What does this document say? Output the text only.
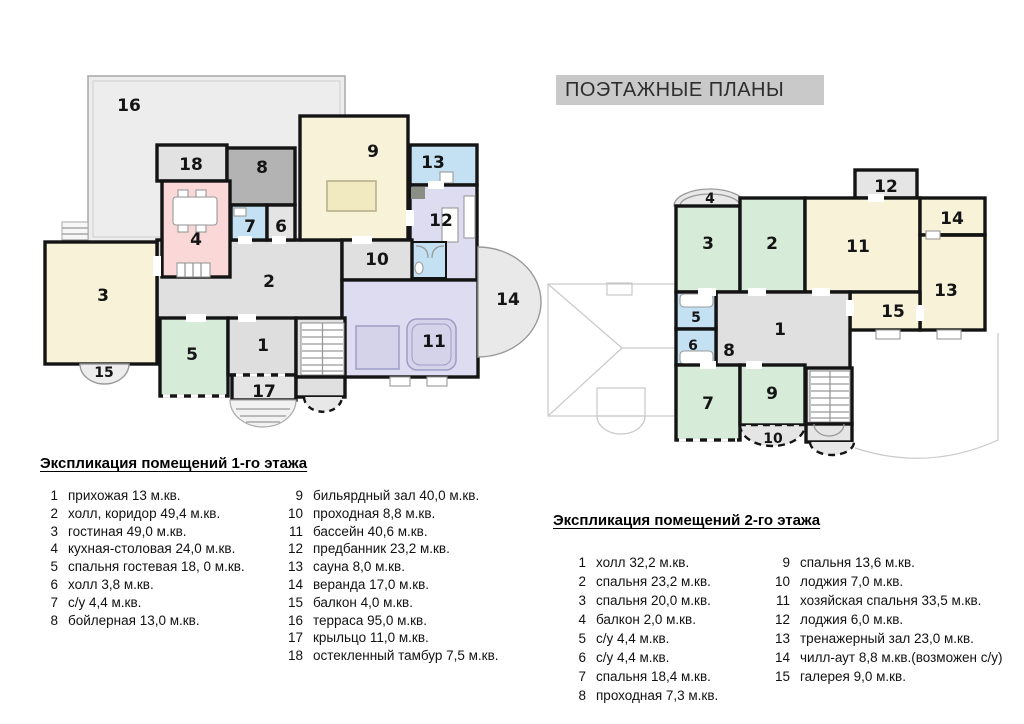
16
18	8
9
13
12
4
7 6
2
10
11
14
3
15
5	1
17
4
3	2
12
11
14
13
15
1
5
6 8
7	9
10
ПОЭТАЖНЫЕ ПЛАНЫ
Экспликация помещений 1-го этажа
1 прихожая 13 м.кв.
2 холл, коридор 49,4 м.кв.
3 гостиная 49,0 м.кв.
4 кухная-столовая 24,0 м.кв.
5 спальня гостевая 18, 0 м.кв.
6 холл 3,8 м.кв.
7 с/у 4,4 м.кв.
8 бойлерная 13,0 м.кв.
9 бильярдный зал 40,0 м.кв.
10 проходная 8,8 м.кв.
11 бассейн 40,6 м.кв.
12 предбанник 23,2 м.кв.
13 сауна 8,0 м.кв.
14 веранда 17,0 м.кв.
15 балкон 4,0 м.кв.
16 терраса 95,0 м.кв.
17 крыльцо 11,0 м.кв.
18 остекленный тамбур 7,5 м.кв.
Экспликация помещений 2-го этажа
1 холл 32,2 м.кв.
2 спальня 23,2 м.кв.
3 спальня 20,0 м.кв.
4 балкон 2,0 м.кв.
5 с/у 4,4 м.кв.
6 с/у 4,4 м.кв.
7 спальня 18,4 м.кв.
8 проходная 7,3 м.кв.
9 спальня 13,6 м.кв.
10 лоджия 7,0 м.кв.
11 хозяйская спальня 33,5 м.кв.
12 лоджия 6,0 м.кв.
13 тренажерный зал 23,0 м.кв.
14 чилл-аут 8,8 м.кв.(возможен с/у)
15 галерея 9,0 м.кв.
